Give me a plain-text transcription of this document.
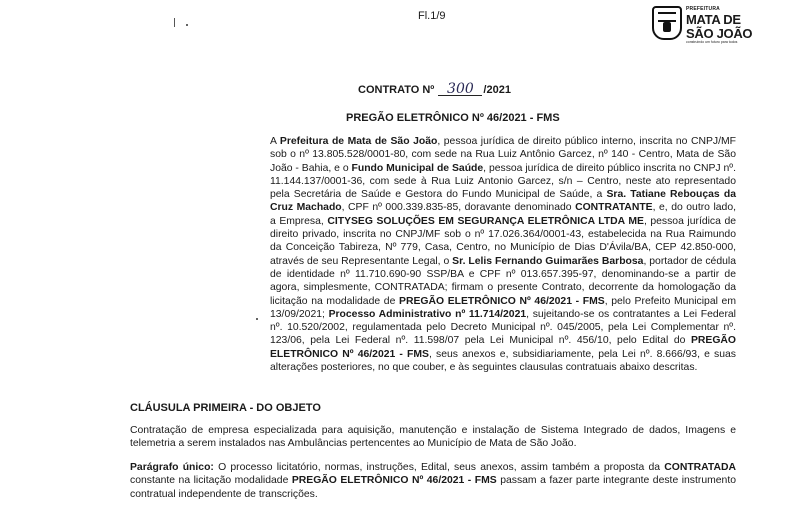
Fl.1/9
PREFEITURA
MATA DE
SÃO JOÃO
construindo um futuro para todos
CONTRATO Nº 300 /2021
PREGÃO ELETRÔNICO Nº 46/2021 - FMS
A Prefeitura de Mata de São João, pessoa jurídica de direito público interno, inscrita no CNPJ/MF sob o nº 13.805.528/0001-80, com sede na Rua Luiz Antônio Garcez, nº 140 - Centro, Mata de São João - Bahia, e o Fundo Municipal de Saúde, pessoa jurídica de direito público inscrita no CNPJ nº. 11.144.137/0001-36, com sede à Rua Luiz Antonio Garcez, s/n – Centro, neste ato representado pela Secretária de Saúde e Gestora do Fundo Municipal de Saúde, a Sra. Tatiane Rebouças da Cruz Machado, CPF nº 000.339.835-85, doravante denominado CONTRATANTE, e, do outro lado, a Empresa, CITYSEG SOLUÇÕES EM SEGURANÇA ELETRÔNICA LTDA ME, pessoa jurídica de direito privado, inscrita no CNPJ/MF sob o nº 17.026.364/0001-43, estabelecida na Rua Raimundo da Conceição Tabireza, Nº 779, Casa, Centro, no Município de Dias D'Ávila/BA, CEP 42.850-000, através de seu Representante Legal, o Sr. Lelis Fernando Guimarães Barbosa, portador de cédula de identidade nº 11.710.690-90 SSP/BA e CPF nº 013.657.395-97, denominando-se a partir de agora, simplesmente, CONTRATADA; firmam o presente Contrato, decorrente da homologação da licitação na modalidade de PREGÃO ELETRÔNICO Nº 46/2021 - FMS, pelo Prefeito Municipal em 13/09/2021; Processo Administrativo nº 11.714/2021, sujeitando-se os contratantes a Lei Federal nº. 10.520/2002, regulamentada pelo Decreto Municipal nº. 045/2005, pela Lei Complementar nº. 123/06, pela Lei Federal nº. 11.598/07 pela Lei Municipal nº. 456/10, pelo Edital do PREGÃO ELETRÔNICO Nº 46/2021 - FMS, seus anexos e, subsidiariamente, pela Lei nº. 8.666/93, e suas alterações posteriores, no que couber, e às seguintes clausulas contratuais abaixo descritas.
CLÁUSULA PRIMEIRA - DO OBJETO
Contratação de empresa especializada para aquisição, manutenção e instalação de Sistema Integrado de dados, Imagens e telemetria a serem instalados nas Ambulâncias pertencentes ao Município de Mata de São João.
Parágrafo único: O processo licitatório, normas, instruções, Edital, seus anexos, assim também a proposta da CONTRATADA constante na licitação modalidade PREGÃO ELETRÔNICO Nº 46/2021 - FMS passam a fazer parte integrante deste instrumento contratual independente de transcrições.
